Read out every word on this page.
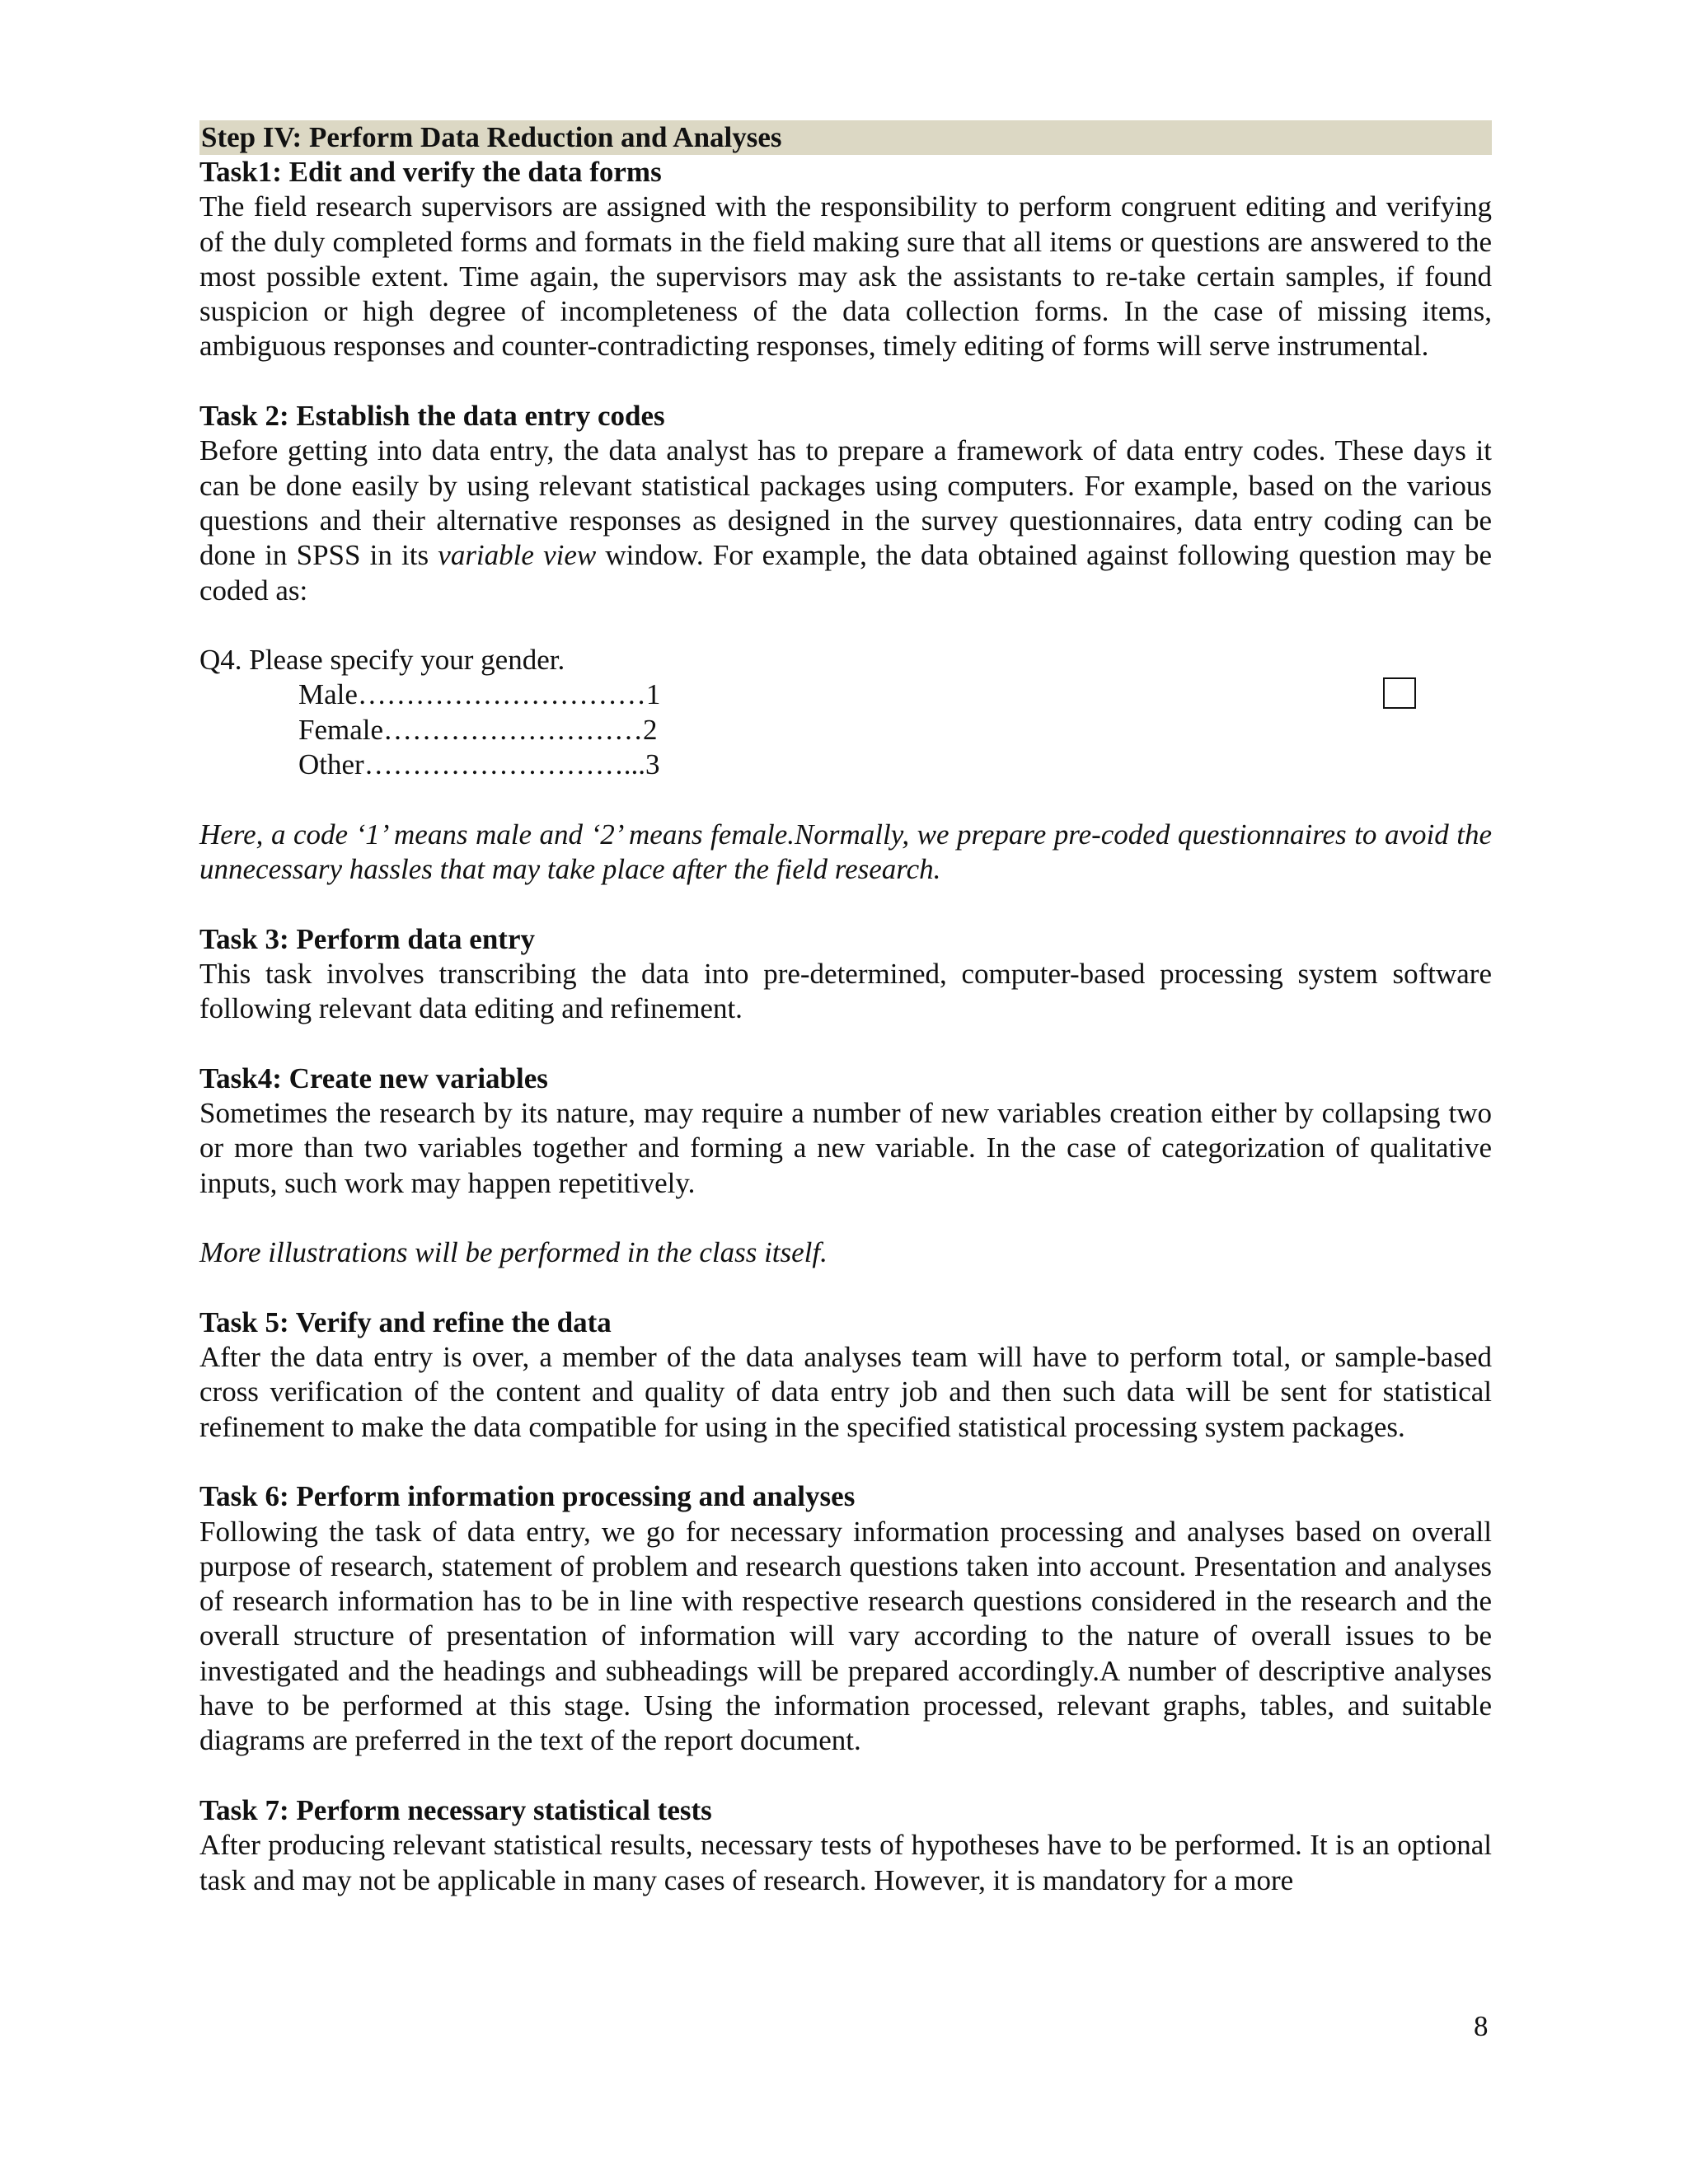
Step IV: Perform Data Reduction and Analyses
Task1: Edit and verify the data forms

The field research supervisors are assigned with the responsibility to perform congruent editing and verifying of the duly completed forms and formats in the field making sure that all items or questions are answered to the most possible extent. Time again, the supervisors may ask the assistants to re-take certain samples, if found suspicion or high degree of incompleteness of the data collection forms. In the case of missing items, ambiguous responses and counter-contradicting responses, timely editing of forms will serve instrumental.

Task 2: Establish the data entry codes

Before getting into data entry, the data analyst has to prepare a framework of data entry codes. These days it can be done easily by using relevant statistical packages using computers. For example, based on the various questions and their alternative responses as designed in the survey questionnaires, data entry coding can be done in SPSS in its variable view window. For example, the data obtained against following question may be coded as:

Q4. Please specify your gender.
Male…………………………1
Female………………………2
Other………………………...3

Here, a code ‘1’ means male and ‘2’ means female.Normally, we prepare pre-coded questionnaires to avoid the unnecessary hassles that may take place after the field research.

Task 3: Perform data entry

This task involves transcribing the data into pre-determined, computer-based processing system software following relevant data editing and refinement.

Task4: Create new variables

Sometimes the research by its nature, may require a number of new variables creation either by collapsing two or more than two variables together and forming a new variable. In the case of categorization of qualitative inputs, such work may happen repetitively.

More illustrations will be performed in the class itself.

Task 5: Verify and refine the data

After the data entry is over, a member of the data analyses team will have to perform total, or sample-based cross verification of the content and quality of data entry job and then such data will be sent for statistical refinement to make the data compatible for using in the specified statistical processing system packages.

Task 6: Perform information processing and analyses

Following the task of data entry, we go for necessary information processing and analyses based on overall purpose of research, statement of problem and research questions taken into account. Presentation and analyses of research information has to be in line with respective research questions considered in the research and the overall structure of presentation of information will vary according to the nature of overall issues to be investigated and the headings and subheadings will be prepared accordingly.A number of descriptive analyses have to be performed at this stage. Using the information processed, relevant graphs, tables, and suitable diagrams are preferred in the text of the report document.

Task 7: Perform necessary statistical tests

After producing relevant statistical results, necessary tests of hypotheses have to be performed. It is an optional task and may not be applicable in many cases of research. However, it is mandatory for a more

8
